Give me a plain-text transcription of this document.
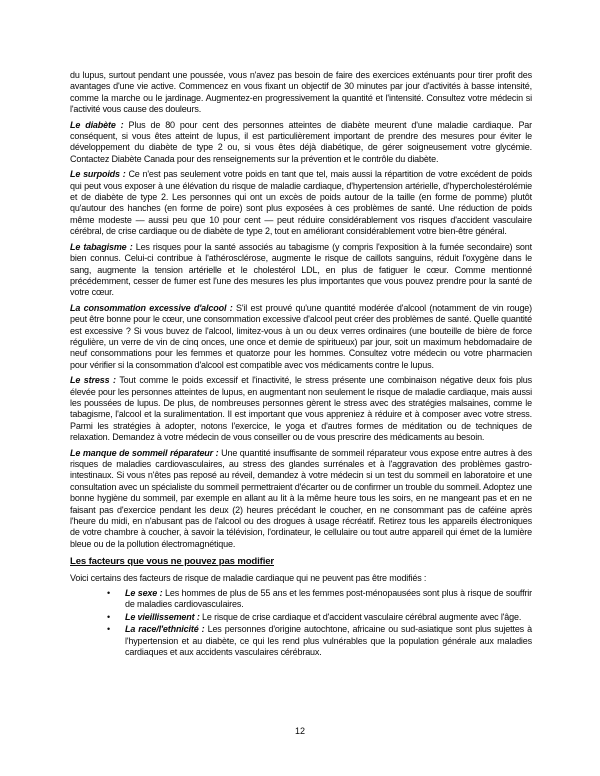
du lupus, surtout pendant une poussée, vous n'avez pas besoin de faire des exercices exténuants pour tirer profit des avantages d'une vie active. Commencez en vous fixant un objectif de 30 minutes par jour d'activités à basse intensité, comme la marche ou le jardinage. Augmentez-en progressivement la quantité et l'intensité. Consultez votre médecin si l'activité vous cause des douleurs.

Le diabète : Plus de 80 pour cent des personnes atteintes de diabète meurent d'une maladie cardiaque. Par conséquent, si vous êtes atteint de lupus, il est particulièrement important de prendre des mesures pour éviter le développement du diabète de type 2 ou, si vous êtes déjà diabétique, de gérer soigneusement votre glycémie. Contactez Diabète Canada pour des renseignements sur la prévention et le contrôle du diabète.

Le surpoids : Ce n'est pas seulement votre poids en tant que tel, mais aussi la répartition de votre excédent de poids qui peut vous exposer à une élévation du risque de maladie cardiaque, d'hypertension artérielle, d'hypercholestérolémie et de diabète de type 2. Les personnes qui ont un excès de poids autour de la taille (en forme de pomme) plutôt qu'autour des hanches (en forme de poire) sont plus exposées à ces problèmes de santé. Une réduction de poids même modeste — aussi peu que 10 pour cent — peut réduire considérablement vos risques d'accident vasculaire cérébral, de crise cardiaque ou de diabète de type 2, tout en améliorant considérablement votre bien-être général.

Le tabagisme : Les risques pour la santé associés au tabagisme (y compris l'exposition à la fumée secondaire) sont bien connus. Celui-ci contribue à l'athérosclérose, augmente le risque de caillots sanguins, réduit l'oxygène dans le sang, augmente la tension artérielle et le cholestérol LDL, en plus de fatiguer le cœur. Comme mentionné précédemment, cesser de fumer est l'une des mesures les plus importantes que vous pouvez prendre pour la santé de votre cœur.

La consommation excessive d'alcool : S'il est prouvé qu'une quantité modérée d'alcool (notamment de vin rouge) peut être bonne pour le cœur, une consommation excessive d'alcool peut créer des problèmes de santé. Quelle quantité est excessive ? Si vous buvez de l'alcool, limitez-vous à un ou deux verres ordinaires (une bouteille de bière de force régulière, un verre de vin de cinq onces, une once et demie de spiritueux) par jour, soit un maximum hebdomadaire de neuf consommations pour les femmes et quatorze pour les hommes. Consultez votre médecin ou votre pharmacien pour vérifier si la consommation d'alcool est compatible avec vos médicaments contre le lupus.

Le stress : Tout comme le poids excessif et l'inactivité, le stress présente une combinaison négative deux fois plus élevée pour les personnes atteintes de lupus, en augmentant non seulement le risque de maladie cardiaque, mais aussi les poussées de lupus. De plus, de nombreuses personnes gèrent le stress avec des stratégies malsaines, comme le tabagisme, l'alcool et la suralimentation. Il est important que vous appreniez à réduire et à composer avec votre stress. Parmi les stratégies à adopter, notons l'exercice, le yoga et d'autres formes de méditation ou de techniques de relaxation. Demandez à votre médecin de vous conseiller ou de vous prescrire des médicaments au besoin.

Le manque de sommeil réparateur : Une quantité insuffisante de sommeil réparateur vous expose entre autres à des risques de maladies cardiovasculaires, au stress des glandes surrénales et à l'aggravation des problèmes gastro-intestinaux. Si vous n'êtes pas reposé au réveil, demandez à votre médecin si un test du sommeil en laboratoire et une consultation avec un spécialiste du sommeil permettraient d'écarter ou de confirmer un trouble du sommeil. Adoptez une bonne hygiène du sommeil, par exemple en allant au lit à la même heure tous les soirs, en ne mangeant pas et en ne faisant pas d'exercice pendant les deux (2) heures précédant le coucher, en ne consommant pas de caféine après l'heure du midi, en n'abusant pas de l'alcool ou des drogues à usage récréatif. Retirez tous les appareils électroniques de votre chambre à coucher, à savoir la télévision, l'ordinateur, le cellulaire ou tout autre appareil qui émet de la lumière bleue ou de la pollution électromagnétique.

Les facteurs que vous ne pouvez pas modifier

Voici certains des facteurs de risque de maladie cardiaque qui ne peuvent pas être modifiés :

• Le sexe : Les hommes de plus de 55 ans et les femmes post-ménopausées sont plus à risque de souffrir de maladies cardiovasculaires.
• Le vieillissement : Le risque de crise cardiaque et d'accident vasculaire cérébral augmente avec l'âge.
• La race/l'ethnicité : Les personnes d'origine autochtone, africaine ou sud-asiatique sont plus sujettes à l'hypertension et au diabète, ce qui les rend plus vulnérables que la population générale aux maladies cardiaques et aux accidents vasculaires cérébraux.
12
